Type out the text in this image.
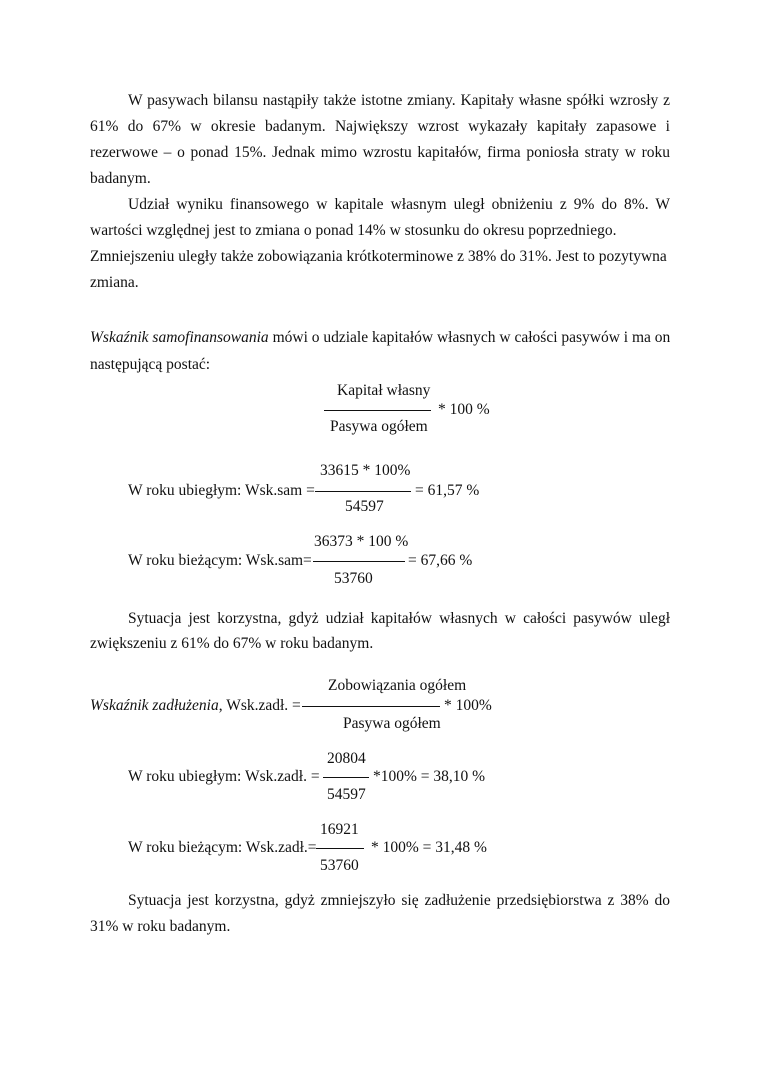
W pasywach bilansu nastąpiły także istotne zmiany. Kapitały własne spółki wzrosły z
61% do 67% w okresie badanym. Największy wzrost wykazały kapitały zapasowe i
rezerwowe – o ponad 15%. Jednak mimo wzrostu kapitałów, firma poniosła straty w roku
badanym.
Udział wyniku finansowego w kapitale własnym uległ obniżeniu z 9% do 8%. W
wartości względnej jest to zmiana o ponad 14% w stosunku do okresu poprzedniego.
Zmniejszeniu uległy także zobowiązania krótkoterminowe z 38% do 31%. Jest to pozytywna
zmiana.
Wskaźnik samofinansowania mówi o udziale kapitałów własnych w całości pasywów i ma on
następującą postać:
Kapitał własny
* 100 %
Pasywa ogółem
33615 * 100%
W roku ubiegłym: Wsk.sam =	= 61,57 %
54597
36373 * 100 %
W roku bieżącym: Wsk.sam=	= 67,66 %
53760
Sytuacja jest korzystna, gdyż udział kapitałów własnych w całości pasywów uległ
zwiększeniu z 61% do 67% w roku badanym.
Zobowiązania ogółem
Wskaźnik zadłużenia, Wsk.zadł. =	* 100%
Pasywa ogółem
20804
W roku ubiegłym: Wsk.zadł. =	*100% = 38,10 %
54597
16921
W roku bieżącym: Wsk.zadł.=	* 100% = 31,48 %
53760
Sytuacja jest korzystna, gdyż zmniejszyło się zadłużenie przedsiębiorstwa z 38% do
31% w roku badanym.
